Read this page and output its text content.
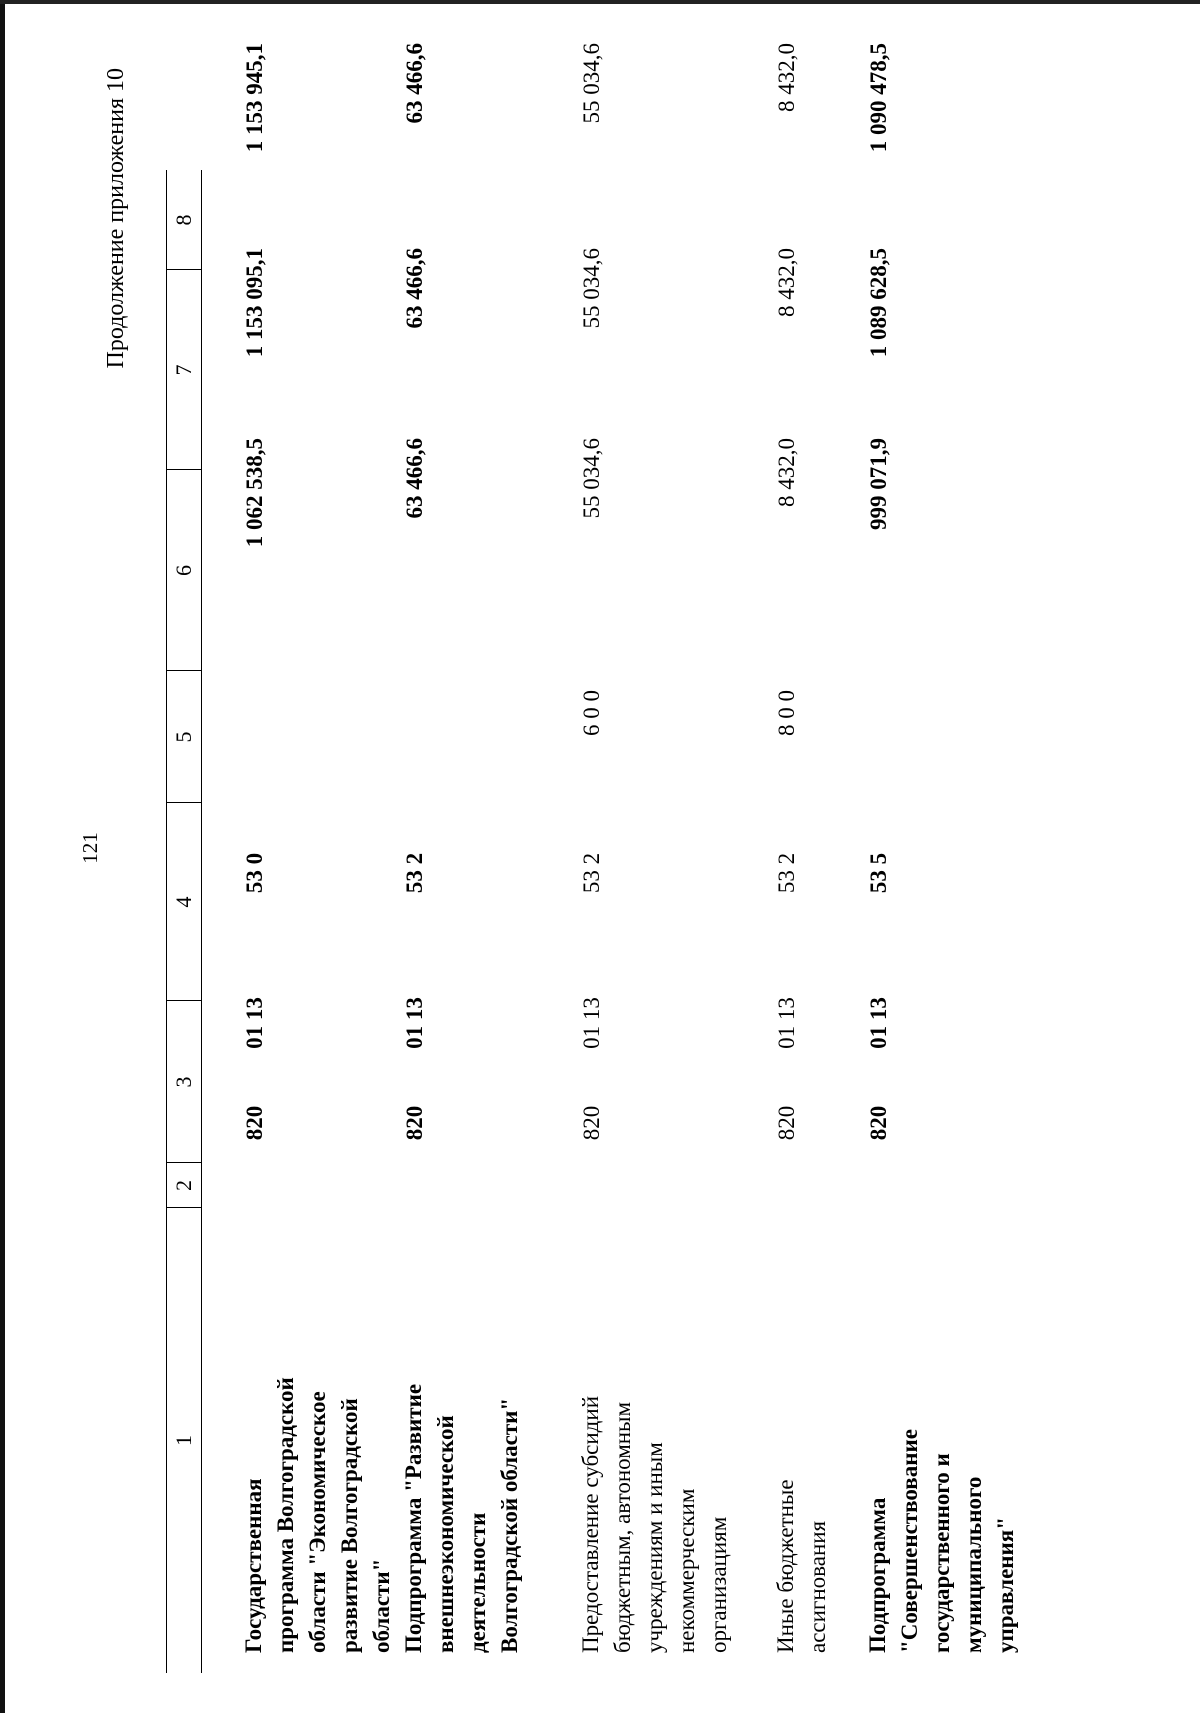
121
Продолжение приложения 10
1
2
3
4
5
6
7
8
Государственная программа Волгоградской области "Экономическое развитие Волгоградской области"
820
01 13
53 0
1 062 538,5
1 153 095,1
1 153 945,1
Подпрограмма "Развитие внешнеэкономической деятельности Волгоградской области"
820
01 13
53 2
63 466,6
63 466,6
63 466,6
Предоставление субсидий бюджетным, автономным учреждениям и иным некоммерческим организациям
820
01 13
53 2
6 0 0
55 034,6
55 034,6
55 034,6
Иные бюджетные ассигнования
820
01 13
53 2
8 0 0
8 432,0
8 432,0
8 432,0
Подпрограмма "Совершенствование государственного и муниципального управления"
820
01 13
53 5
999 071,9
1 089 628,5
1 090 478,5
